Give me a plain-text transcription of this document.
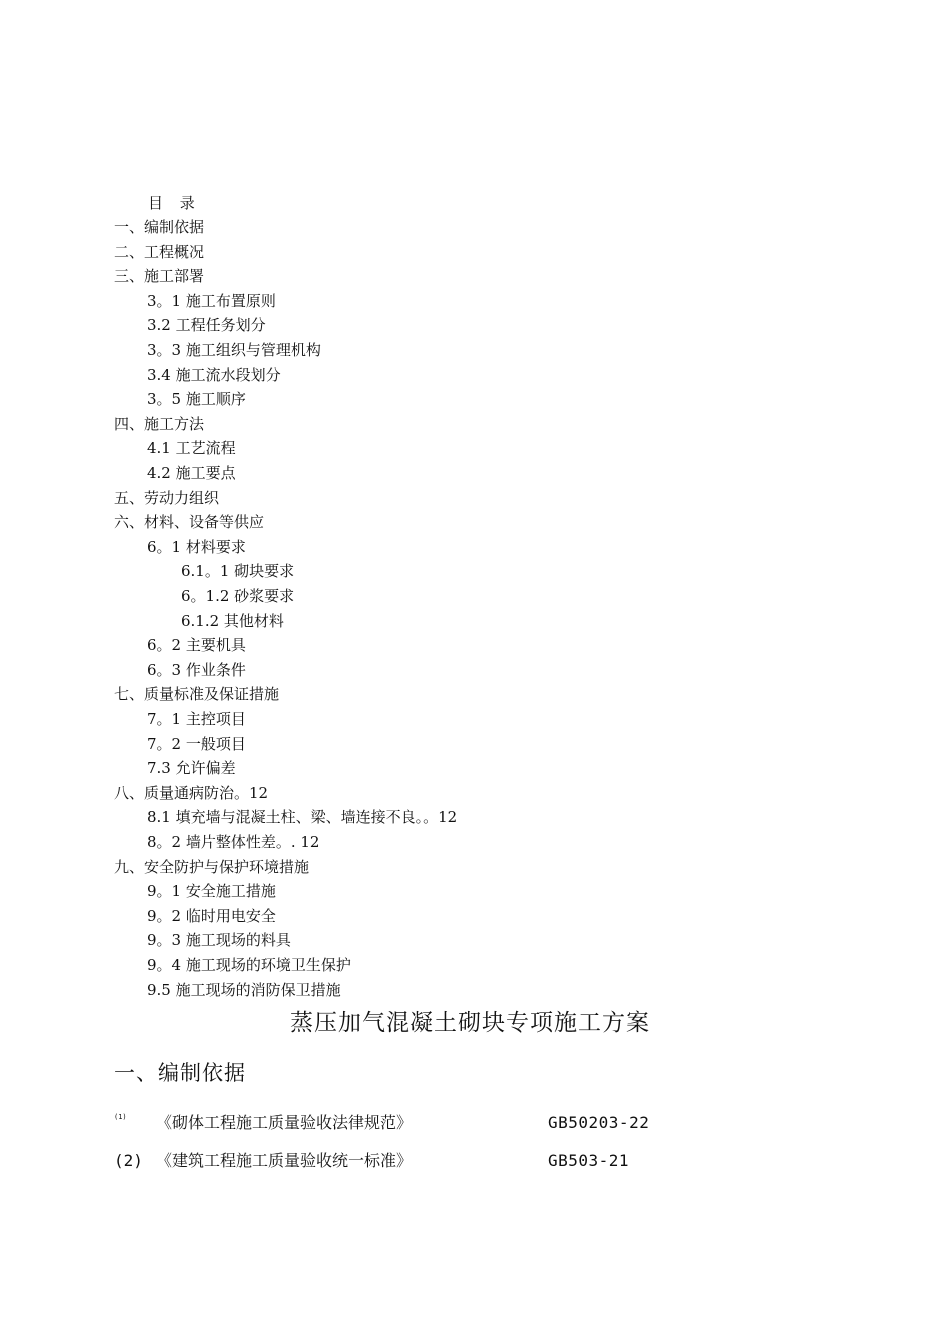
目 录
一、编制依据
二、工程概况
三、施工部署
3。1 施工布置原则
3.2 工程任务划分
3。3 施工组织与管理机构
3.4 施工流水段划分
3。5 施工顺序
四、施工方法
4.1 工艺流程
4.2 施工要点
五、劳动力组织
六、材料、设备等供应
6。1 材料要求
6.1。1 砌块要求
6。1.2 砂浆要求
6.1.2 其他材料
6。2 主要机具
6。3 作业条件
七、质量标准及保证措施
7。1 主控项目
7。2 一般项目
7.3 允许偏差
八、质量通病防治。12
8.1 填充墙与混凝土柱、梁、墙连接不良。。12
8。2 墙片整体性差。. 12
九、安全防护与保护环境措施
9。1 安全施工措施
9。2 临时用电安全
9。3 施工现场的料具
9。4 施工现场的环境卫生保护
9.5 施工现场的消防保卫措施
蒸压加气混凝土砌块专项施工方案
一、编制依据
(1) 《砌体工程施工质量验收法律规范》	GB50203-22
(2) 《建筑工程施工质量验收统一标准》	GB503-21
